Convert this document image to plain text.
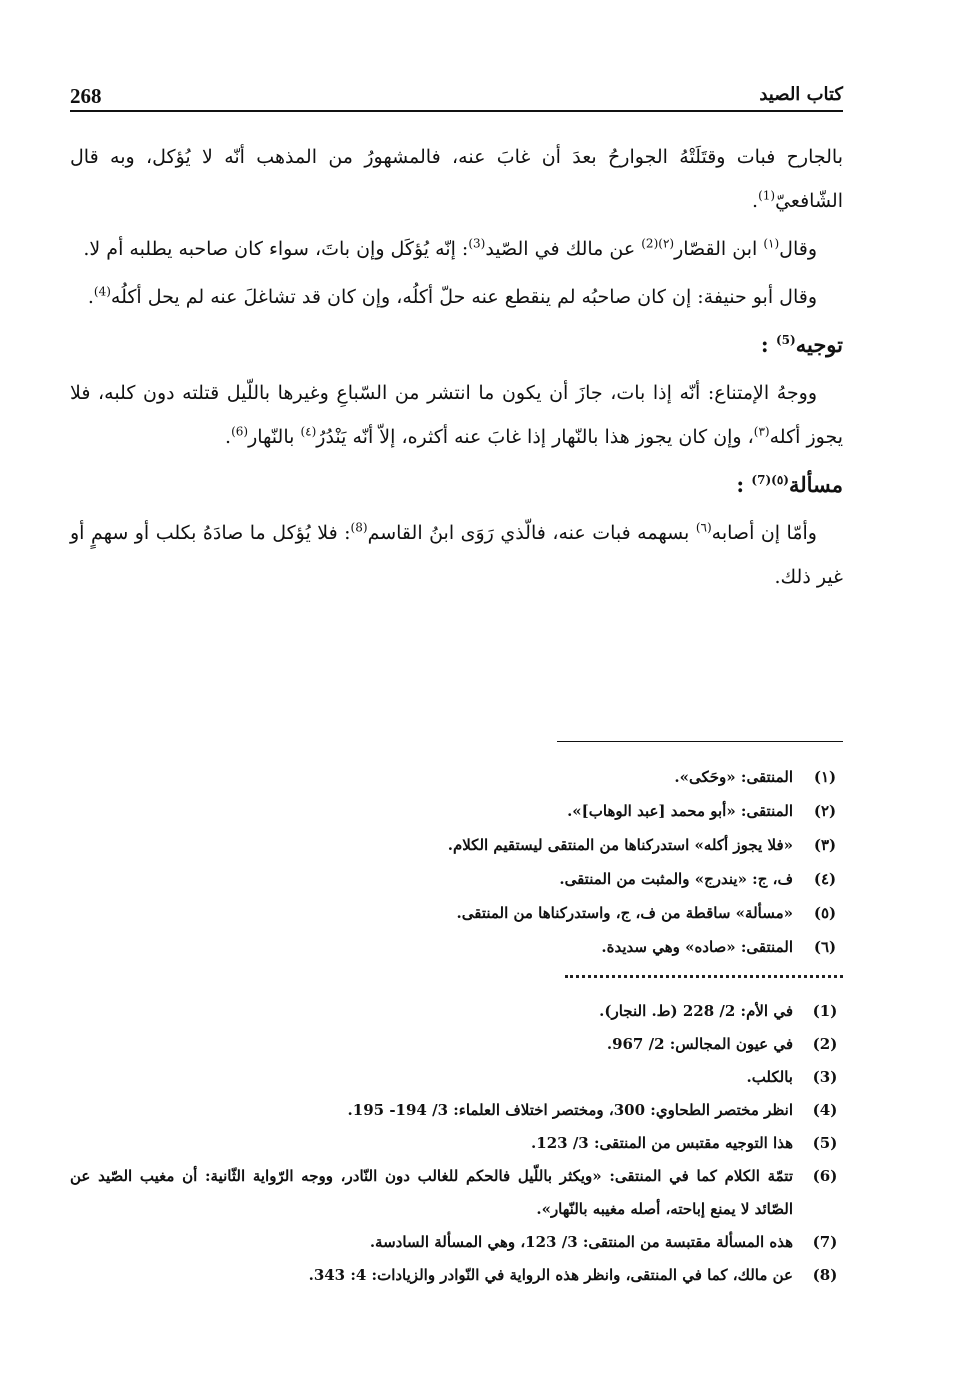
268	كتاب الصيد

بالجارح فبات وقتَلَتْهُ الجوارحُ بعدَ أن غابَ عنه، فالمشهورُ من المذهب أنّه لا يُؤكل، وبه قال الشّافعيّ$^{(1)}$.

وقال$^{(١)}$ ابن القصّار$^{(٢)(2)}$ عن مالك في الصّيد$^{(3)}$: إنّه يُؤكَل وإن باتَ، سواء كان صاحبه يطلبه أم لا.

وقال أبو حنيفة: إن كان صاحبُه لم ينقطع عنه حلّ أكلُه، وإن كان قد تشاغلَ عنه لم يحل أكلُه$^{(4)}$.

توجيه$^{(5)}$ :

ووجهُ الإمتناع: أنّه إذا بات، جازَ أن يكون ما انتشر من السّباعِ وغيرها باللّيل قتلته دون كلبه، فلا يجوز أكله$^{(٣)}$، وإن كان يجوز هذا بالنّهار إذا غابَ عنه أكثره، إلاّ أنّه يَنْدُرُ$^{(٤)}$ بالنّهار$^{(6)}$.

مسألة$^{(٥)(7)}$ :

وأمّا إن أصابه$^{(٦)}$ بسهمه فبات عنه، فالّذي رَوَى ابنُ القاسم$^{(8)}$: فلا يُؤكل ما صادَهُ بكلب أو سهمٍ أو غير ذلك.

(١)
المنتقى: «وحَكى».
(٢)
المنتقى: «أبو محمد [عبد الوهاب]».
(٣)
«فلا يجوز أكله» استدركناها من المنتقى ليستقيم الكلام.
(٤)
ف، ج: «يندرج» والمثبت من المنتقى.
(٥)
«مسألة» ساقطة من ف، ج، واستدركناها من المنتقى.
(٦)
المنتقى: «صاده» وهي سديدة.
(1)
في الأم: 2/ 228 (ط. النجار).
(2)
في عيون المجالس: 2/ 967.
(3)
بالكلب.
(4)
انظر مختصر الطحاوي: 300، ومختصر اختلاف العلماء: 3/ 194- 195.
(5)
هذا التوجيه مقتبس من المنتقى: 3/ 123.
(6)
تتمّة الكلام كما في المنتقى: «ويكثر باللّيل فالحكم للغالب دون النّادر، ووجه الرّواية الثّانية: أن مغيب الصّيد عن الصّائد لا يمنع إباحته، أصله مغيبه بالنّهار».
(7)
هذه المسألة مقتبسة من المنتقى: 3/ 123، وهي المسألة السادسة.
(8)
عن مالك، كما في المنتقى، وانظر هذه الرواية في النّوادر والزيادات: 4: 343.
